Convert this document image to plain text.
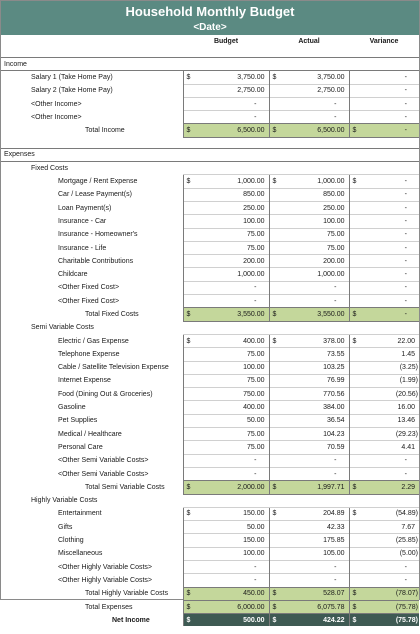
Household Monthly Budget
<Date>
	Budget		Actual		Variance	

Income						
Salary 1 (Take Home Pay)	$	3,750.00	$	3,750.00		-
Salary 2 (Take Home Pay)		2,750.00		2,750.00		-
<Other Income>		-		-		-
<Other Income>		-		-		-
Total Income	$	6,500.00	$	6,500.00	$	-

Expenses						
Fixed Costs						
Mortgage / Rent Expense	$	1,000.00	$	1,000.00	$	-
Car / Lease Payment(s)		850.00		850.00		-
Loan Payment(s)		250.00		250.00		-
Insurance - Car		100.00		100.00		-
Insurance - Homeowner's		75.00		75.00		-
Insurance - Life		75.00		75.00		-
Charitable Contributions		200.00		200.00		-
Childcare		1,000.00		1,000.00		-
<Other Fixed Cost>		-		-		-
<Other Fixed Cost>		-		-		-
Total Fixed Costs	$	3,550.00	$	3,550.00	$	-
Semi Variable Costs						
Electric / Gas Expense	$	400.00	$	378.00	$	22.00
Telephone Expense		75.00		73.55		1.45
Cable / Satellite Television Expense		100.00		103.25		(3.25)
Internet Expense		75.00		76.99		(1.99)
Food (Dining Out & Groceries)		750.00		770.56		(20.56)
Gasoline		400.00		384.00		16.00
Pet Supplies		50.00		36.54		13.46
Medical / Healthcare		75.00		104.23		(29.23)
Personal Care		75.00		70.59		4.41
<Other Semi Variable Costs>		-		-		-
<Other Semi Variable Costs>		-		-		-
Total Semi Variable Costs	$	2,000.00	$	1,997.71	$	2.29
Highly Variable Costs						
Entertainment	$	150.00	$	204.89	$	(54.89)
Gifts		50.00		42.33		7.67
Clothing		150.00		175.85		(25.85)
Miscellaneous		100.00		105.00		(5.00)
<Other Highly Variable Costs>		-		-		-
<Other Highly Variable Costs>		-		-		-
Total Highly Variable Costs	$	450.00	$	528.07	$	(78.07)
Total Expenses	$	6,000.00	$	6,075.78	$	(75.78)
Net Income	$	500.00	$	424.22	$	(75.78)
